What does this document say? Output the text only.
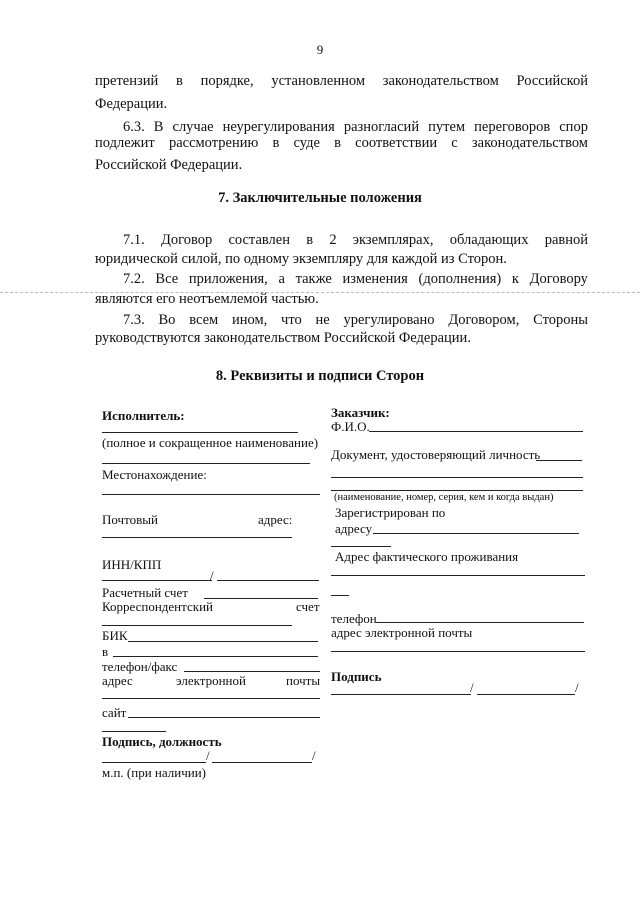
9
претензий в порядке, установленном законодательством Российской
Федерации.
6.3. В случае неурегулирования разногласий путем переговоров спор
подлежит рассмотрению в суде в соответствии с законодательством
Российской Федерации.
7. Заключительные положения
7.1. Договор составлен в 2 экземплярах, обладающих равной
юридической силой, по одному экземпляру для каждой из Сторон.
7.2. Все приложения, а также изменения (дополнения) к Договору
являются его неотъемлемой частью.
7.3. Во всем ином, что не урегулировано Договором, Стороны
руководствуются законодательством Российской Федерации.
8. Реквизиты и подписи Сторон
Исполнитель:
(полное и сокращенное наименование)
Местонахождение:
Почтовый	адрес:
ИНН/КПП
/
Расчетный счет
Корреспондентский	счет
БИК
в
телефон/факс
адрес	электронной	почты
сайт
Подпись, должность
/	/
м.п. (при наличии)
Заказчик:
Ф.И.О.
Документ, удостоверяющий личность
(наименование, номер, серия, кем и когда выдан)
Зарегистрирован по
адресу
Адрес фактического проживания
телефон
адрес электронной почты
Подпись
/	/
